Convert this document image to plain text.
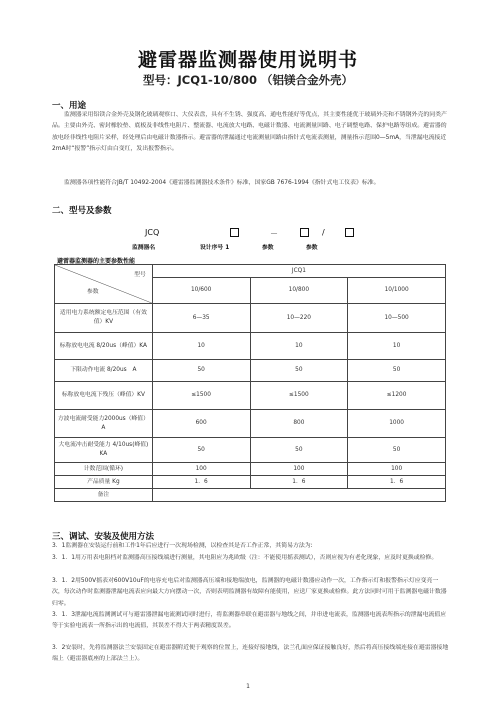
避雷器监测器使用说明书
型号：JCQ1-10/800 （铝镁合金外壳）
一、用途

监测器采用铝镁合金外壳及钢化玻璃观察口、大仪表盘，具有不生锈、强度高、通电性能好等优点，其主要性能优于玻璃外壳和不锈钢外壳的同类产品。主要由外壳、密封橡胶垫、底板及非线性电阻片、整流器、电流放大电路、电磁计数器、电流测量回路、电子调整电路、保护电路等组成。避雷器的放电经非线性电阻片采样，经处理后由电磁计数器指示。避雷器的泄漏通过电流测量回路由指针式电流表测量，测量指示范围0—5mA，当泄漏电流接近2mA时“报警”指示灯由白变红，发出报警指示。

监测器各项性能符合JB/T 10492-2004《避雷器监测器技术条件》标准，国家GB 7676-1994《指针式电工仪表》标准。

二、型号及参数
JCQ	－	/
监测器名	设计序号 1	参数	参数
避雷器监测器的主要参数性能
型号
参数	JCQ1		
	10/600	10/800	10/1000
适用电力系统额定电压范围（有效值）KV	6—35	10—220	10—500
标称放电电流 8/20us（峰值）KA	10	10	10
下限动作电流 8/20us　A	50	50	50
标称放电电流下残压（峰值）KV	≤1500	≤1500	≤1200
方波电流耐受能力2000us（峰值）A	600	800	1000
大电流冲击耐受能力 4/10us(峰值) KA	50	50	50
计数范围(循环)	100	100	100
产品质量 Kg	1．6	1．6	1．6
备注			
三、调试、安装及使用方法

3．1监测器在安装运行前和工作1年后应进行一次现场检测，以检查其是否工作正常，其简易方法为:

3．1．1用万用表电阻档对监测器高压接线端进行测量，其电阻应为兆欧级（注：不能使用摇表测试），否则应视为有老化现象，应及时更换或检修。

3．1．2用500V摇表对600V10uF的电容充电后对监测器高压端和接地端放电，监测器的电磁计数器应动作一次，工作指示灯和报警指示灯应变亮一次，每次动作时监测器泄漏电流表应向最大方向摆动一次，否则表明监测器有故障有能使用，应送厂家更换或检修。此方法同时可用于监测器电磁计数器归零。

3．1．3泄漏电流监测测试可与避雷器泄漏电流测试同时进行，将监测器串联在避雷器与地线之间，并串进电流表，监测器电流表所指示的泄漏电流值应等于实验电流表一所指示出的电流值，其误差不得大于两表精度误差。

3．2安装时，先将监测器法兰安装固定在避雷器附近便于观察的位置上，连接好接地线，法兰孔面应保证接触良好，然后将高压接线端连接在避雷器接地端上（避雷器底座的上部法兰上）。

1
